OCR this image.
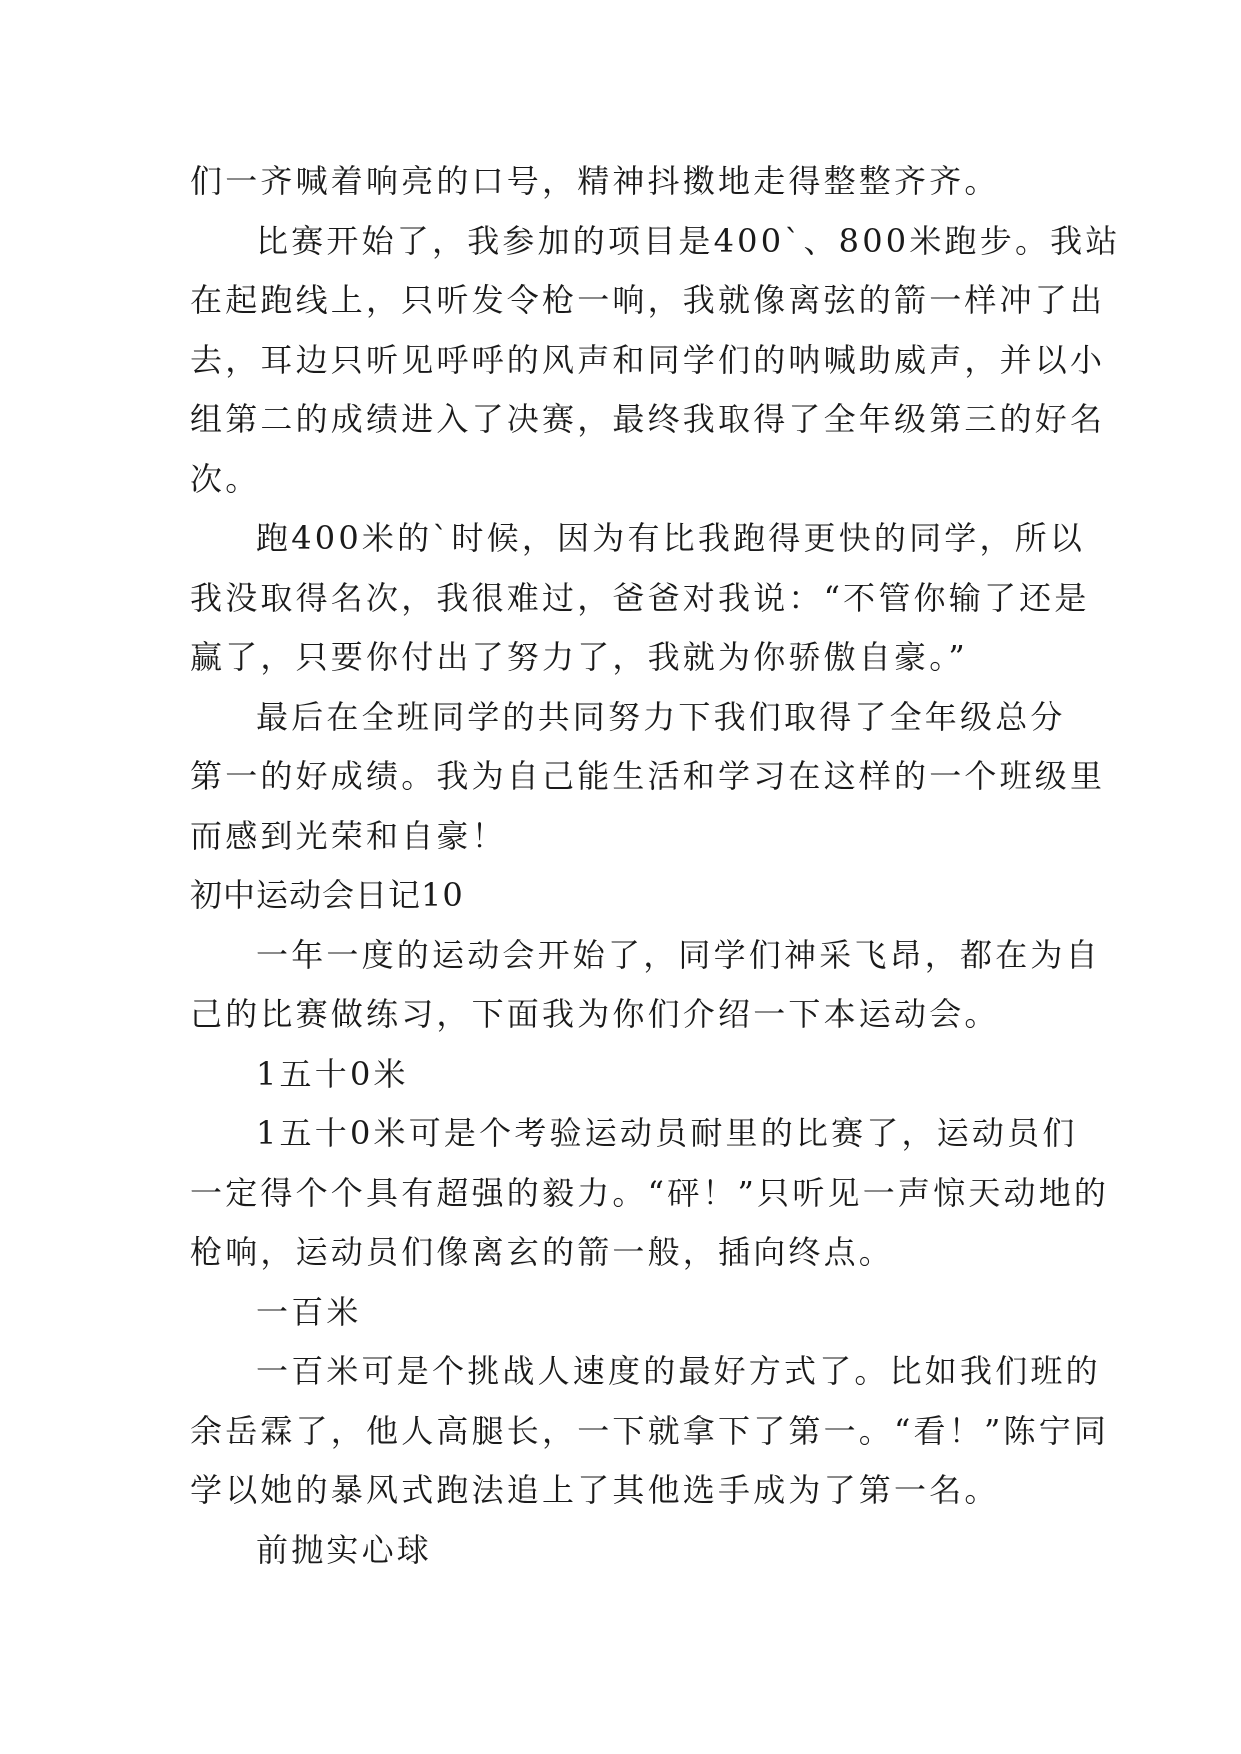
们一齐喊着响亮的口号，精神抖擞地走得整整齐齐。
比赛开始了，我参加的项目是400`、800米跑步。我站
在起跑线上，只听发令枪一响，我就像离弦的箭一样冲了出
去，耳边只听见呼呼的风声和同学们的呐喊助威声，并以小
组第二的成绩进入了决赛，最终我取得了全年级第三的好名
次。
跑400米的`时候，因为有比我跑得更快的同学，所以
我没取得名次，我很难过，爸爸对我说：“不管你输了还是
赢了，只要你付出了努力了，我就为你骄傲自豪。”
最后在全班同学的共同努力下我们取得了全年级总分
第一的好成绩。我为自己能生活和学习在这样的一个班级里
而感到光荣和自豪！
初中运动会日记10
一年一度的运动会开始了，同学们神采飞昂，都在为自
己的比赛做练习，下面我为你们介绍一下本运动会。
1五十0米
1五十0米可是个考验运动员耐里的比赛了，运动员们
一定得个个具有超强的毅力。“砰！”只听见一声惊天动地的
枪响，运动员们像离玄的箭一般，插向终点。
一百米
一百米可是个挑战人速度的最好方式了。比如我们班的
余岳霖了，他人高腿长，一下就拿下了第一。“看！”陈宁同
学以她的暴风式跑法追上了其他选手成为了第一名。
前抛实心球
